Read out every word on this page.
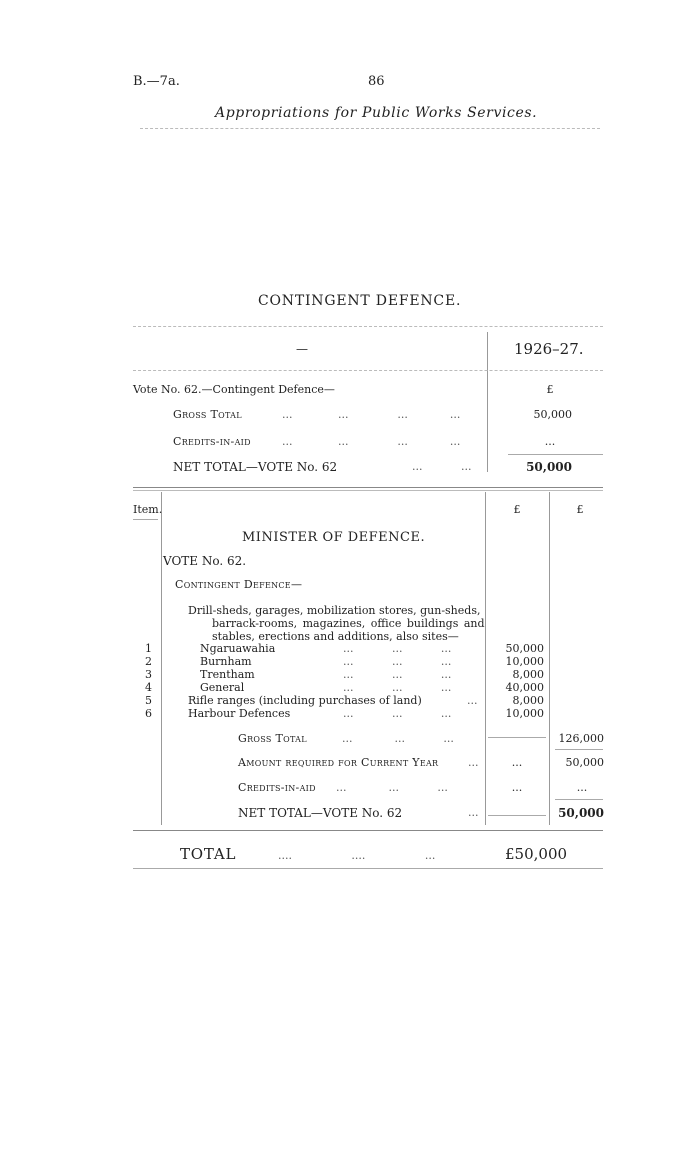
B.—7a.	86
Appropriations for Public Works Services.
CONTINGENT DEFENCE.
—	1926–27.
Vote No. 62.—Contingent Defence—	£
Gross Total	...             ...              ...            ...	50,000
Credits-in-aid	...             ...              ...            ...	...
NET TOTAL—VOTE No. 62	...           ...	50,000
Item.	£	£
MINISTER OF DEFENCE.
VOTE No. 62.
Contingent Defence—
Drill-sheds, garages, mobilization stores, gun-sheds,
barrack-rooms, magazines, office buildings and
stables, erections and additions, also sites—
1	Ngaruawahia	...           ...           ...	50,000
2	Burnham	...           ...           ...	10,000
3	Trentham	...           ...           ...	8,000
4	General	...           ...           ...	40,000
5	Rifle ranges (including purchases of land)	...	8,000
6	Harbour Defences	...           ...           ...	10,000
Gross Total	...            ...           ...	126,000
Amount required for Current Year	...	...	50,000
Credits-in-aid ...            ...           ...	...	...
NET TOTAL—VOTE No. 62	...	50,000
TOTAL	....                 ....                 ...	£50,000
